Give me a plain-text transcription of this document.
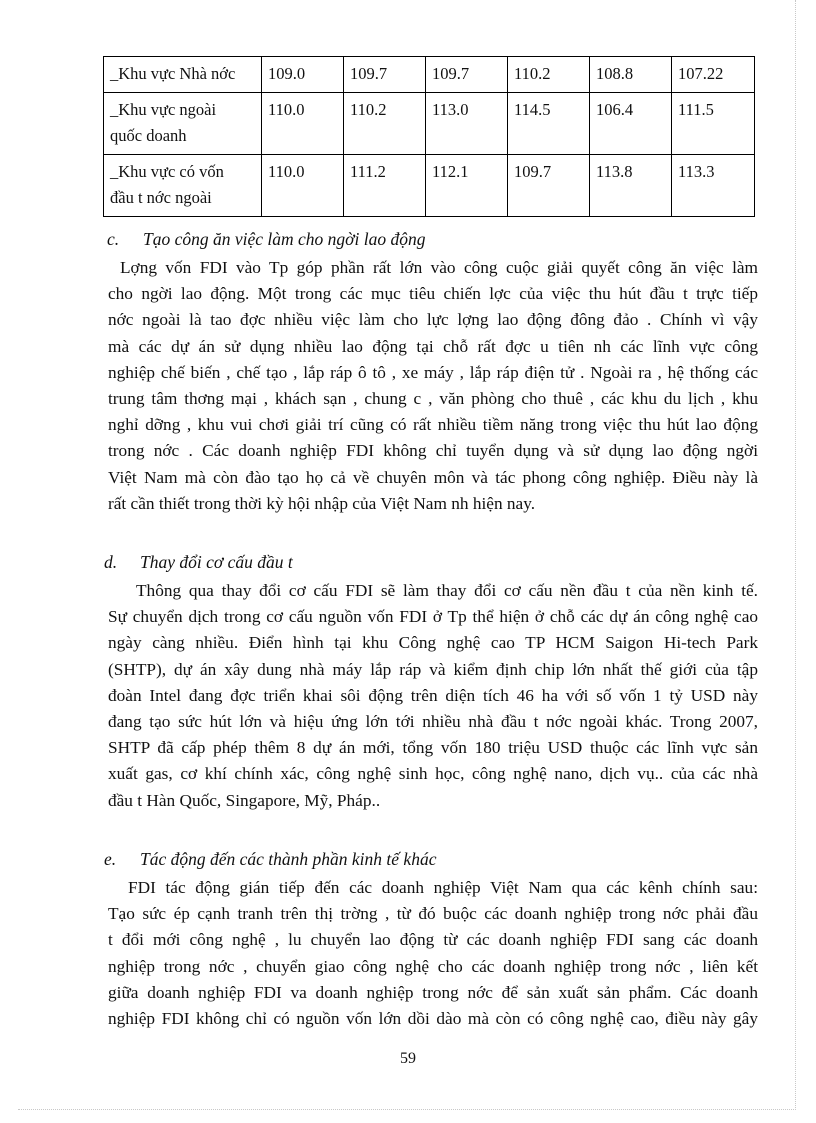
_Khu vực Nhà nớc	109.0	109.7	109.7	110.2	108.8	107.22
_Khu vực ngoài
quốc doanh	110.0	110.2	113.0	114.5	106.4	111.5
_Khu vực có vốn
đầu t nớc ngoài	110.0	111.2	112.1	109.7	113.8	113.3
c. Tạo công ăn việc làm cho ngời lao động
Lợng vốn FDI vào Tp góp phần rất lớn vào công cuộc giải quyết công ăn việc làm
cho ngời lao động. Một trong các mục tiêu chiến lợc của việc thu hút đầu t trực tiếp
nớc ngoài là tao đợc nhiều việc làm cho lực lợng lao động đông đảo . Chính vì vậy
mà các dự án sử dụng nhiều lao động tại chỗ rất đợc u tiên nh các lĩnh vực công
nghiệp chế biến , chế tạo , lắp ráp ô tô , xe máy , lắp ráp điện tử . Ngoài ra , hệ thống các
trung tâm thơng mại , khách sạn , chung c , văn phòng cho thuê , các khu du lịch , khu
nghỉ dỡng , khu vui chơi giải trí cũng có rất nhiều tiềm năng trong việc thu hút lao động
trong nớc . Các doanh nghiệp FDI không chỉ tuyển dụng và sử dụng lao động ngời
Việt Nam mà còn đào tạo họ cả về chuyên môn và tác phong công nghiệp. Điều này là
rất cần thiết trong thời kỳ hội nhập của Việt Nam nh hiện nay.
d. Thay đổi cơ cấu đầu t
Thông qua thay đổi cơ cấu FDI sẽ làm thay đổi cơ cấu nền đầu t của nền kinh tế.
Sự chuyển dịch trong cơ cấu nguồn vốn FDI ở Tp thể hiện ở chỗ các dự án công nghệ cao
ngày càng nhiều. Điển hình tại khu Công nghệ cao TP HCM Saigon Hi-tech Park
(SHTP), dự án xây dung nhà máy lắp ráp và kiểm định chip lớn nhất thế giới của tập
đoàn Intel đang đợc triển khai sôi động trên diện tích 46 ha với số vốn 1 tỷ USD này
đang tạo sức hút lớn và hiệu ứng lớn tới nhiều nhà đầu t nớc ngoài khác. Trong 2007,
SHTP đã cấp phép thêm 8 dự án mới, tổng vốn 180 triệu USD thuộc các lĩnh vực sản
xuất gas, cơ khí chính xác, công nghệ sinh học, công nghệ nano, dịch vụ.. của các nhà
đầu t Hàn Quốc, Singapore, Mỹ, Pháp..
e. Tác động đến các thành phần kinh tế khác
FDI tác động gián tiếp đến các doanh nghiệp Việt Nam qua các kênh chính sau:
Tạo sức ép cạnh tranh trên thị trờng , từ đó buộc các doanh nghiệp trong nớc phải đầu
t đổi mới công nghệ , lu chuyển lao động từ các doanh nghiệp FDI sang các doanh
nghiệp trong nớc , chuyển giao công nghệ cho các doanh nghiệp trong nớc , liên kết
giữa doanh nghiệp FDI va doanh nghiệp trong nớc để sản xuất sản phẩm. Các doanh
nghiệp FDI không chỉ có nguồn vốn lớn dồi dào mà còn có công nghệ cao, điều này gây
59
